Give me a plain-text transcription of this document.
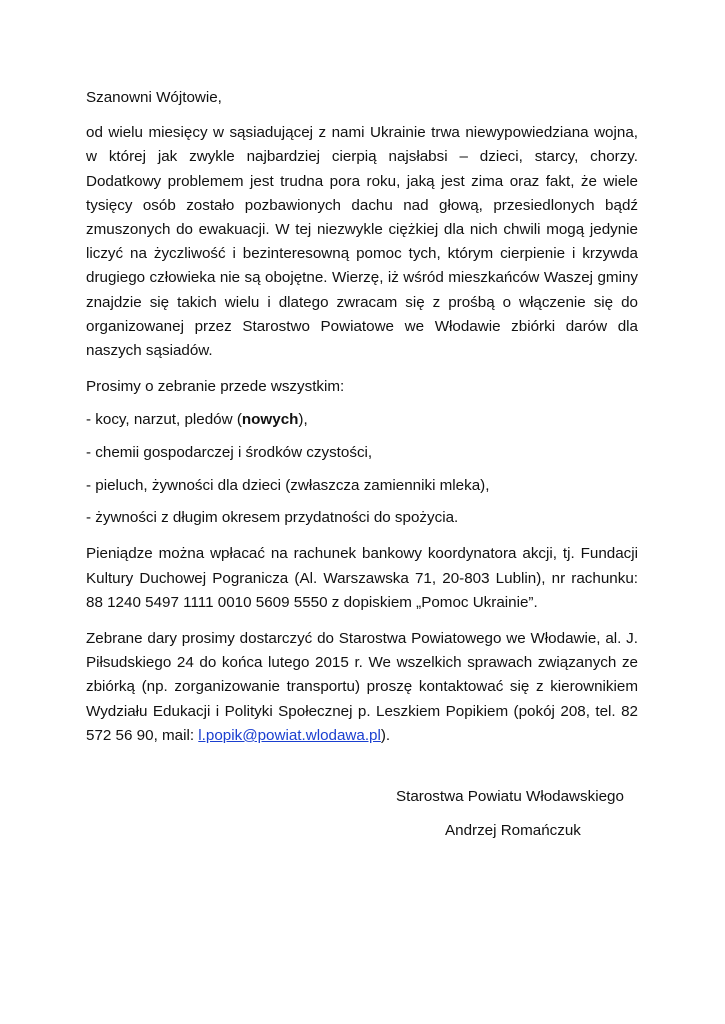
Szanowni Wójtowie,

od wielu miesięcy w sąsiadującej z nami Ukrainie trwa niewypowiedziana wojna, w której jak zwykle najbardziej cierpią najsłabsi – dzieci, starcy, chorzy. Dodatkowy problemem jest trudna pora roku, jaką jest zima oraz fakt, że wiele tysięcy osób zostało pozbawionych dachu nad głową, przesiedlonych bądź zmuszonych do ewakuacji. W tej niezwykle ciężkiej dla nich chwili mogą jedynie liczyć na życzliwość i bezinteresowną pomoc tych, którym cierpienie i krzywda drugiego człowieka nie są obojętne. Wierzę, iż wśród mieszkańców Waszej gminy znajdzie się takich wielu i dlatego zwracam się z prośbą o włączenie się do organizowanej przez Starostwo Powiatowe we Włodawie zbiórki darów dla naszych sąsiadów.

Prosimy o zebranie przede wszystkim:

- kocy, narzut, pledów (nowych),
- chemii gospodarczej i środków czystości,
- pieluch, żywności dla dzieci (zwłaszcza zamienniki mleka),
- żywności z długim okresem przydatności do spożycia.

Pieniądze można wpłacać na rachunek bankowy koordynatora akcji, tj. Fundacji Kultury Duchowej Pogranicza (Al. Warszawska 71, 20-803 Lublin), nr rachunku: 88 1240 5497 1111 0010 5609 5550 z dopiskiem „Pomoc Ukrainie”.

Zebrane dary prosimy dostarczyć do Starostwa Powiatowego we Włodawie, al. J. Piłsudskiego 24 do końca lutego 2015 r. We wszelkich sprawach związanych ze zbiórką (np. zorganizowanie transportu) proszę kontaktować się z kierownikiem Wydziału Edukacji i Polityki Społecznej p. Leszkiem Popikiem (pokój 208, tel. 82 572 56 90, mail: l.popik@powiat.wlodawa.pl).

Starostwa Powiatu Włodawskiego
Andrzej Romańczuk
